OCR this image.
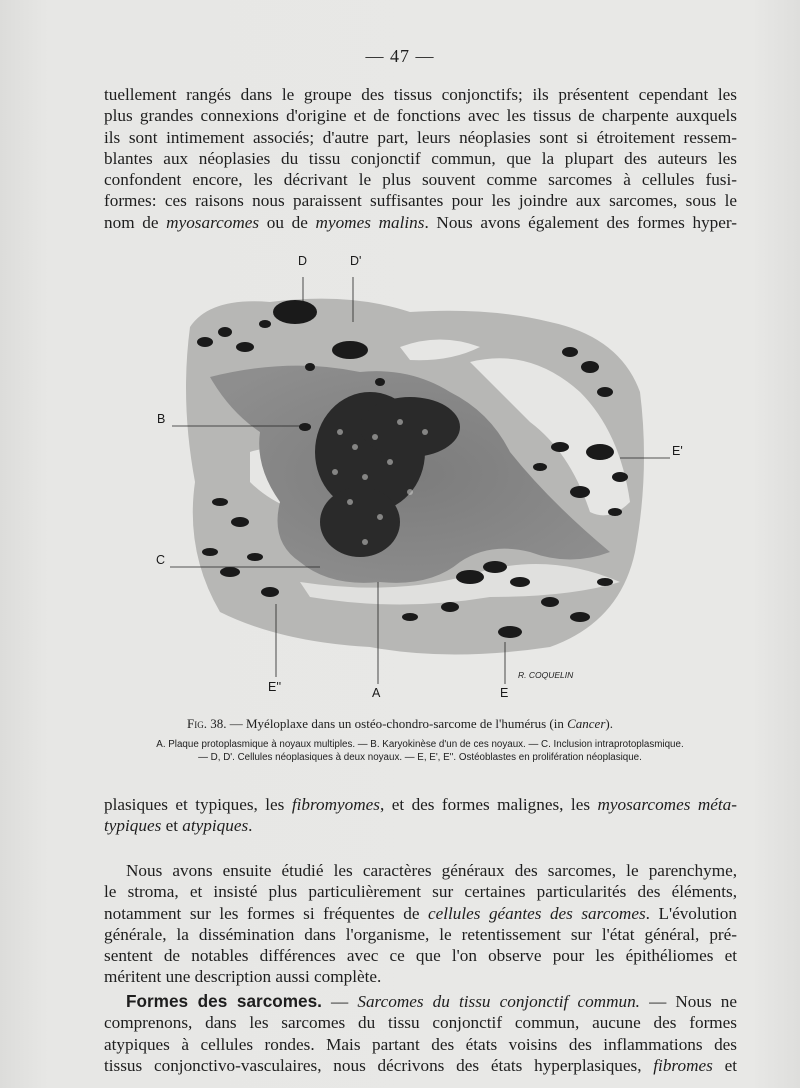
— 47 —
tuellement rangés dans le groupe des tissus conjonctifs; ils présentent cependant les
plus grandes connexions d'origine et de fonctions avec les tissus de charpente auxquels
ils sont intimement associés; d'autre part, leurs néoplasies sont si étroitement ressem-
blantes aux néoplasies du tissu conjonctif commun, que la plupart des auteurs les
confondent encore, les décrivant le plus souvent comme sarcomes à cellules fusi-
formes: ces raisons nous paraissent suffisantes pour les joindre aux sarcomes, sous le
nom de myosarcomes ou de myomes malins. Nous avons également des formes hyper-
D	D'
B
C
E'
E''	A	E
R. COQUELIN
Fig. 38. — Myéloplaxe dans un ostéo-chondro-sarcome de l'humérus (in Cancer).
A. Plaque protoplasmique à noyaux multiples. — B. Karyokinèse d'un de ces noyaux. — C. Inclusion intraprotoplasmique.
— D, D'. Cellules néoplasiques à deux noyaux. — E, E', E''. Ostéoblastes en prolifération néoplasique.
plasiques et typiques, les fibromyomes, et des formes malignes, les myosarcomes méta-
typiques et atypiques.
Nous avons ensuite étudié les caractères généraux des sarcomes, le parenchyme,
le stroma, et insisté plus particulièrement sur certaines particularités des éléments,
notamment sur les formes si fréquentes de cellules géantes des sarcomes. L'évolution
générale, la dissémination dans l'organisme, le retentissement sur l'état général, pré-
sentent de notables différences avec ce que l'on observe pour les épithéliomes et
méritent une description aussi complète.
Formes des sarcomes. — Sarcomes du tissu conjonctif commun. — Nous ne
comprenons, dans les sarcomes du tissu conjonctif commun, aucune des formes
atypiques à cellules rondes. Mais partant des états voisins des inflammations des
tissus conjonctivo-vasculaires, nous décrivons des états hyperplasiques, fibromes et
